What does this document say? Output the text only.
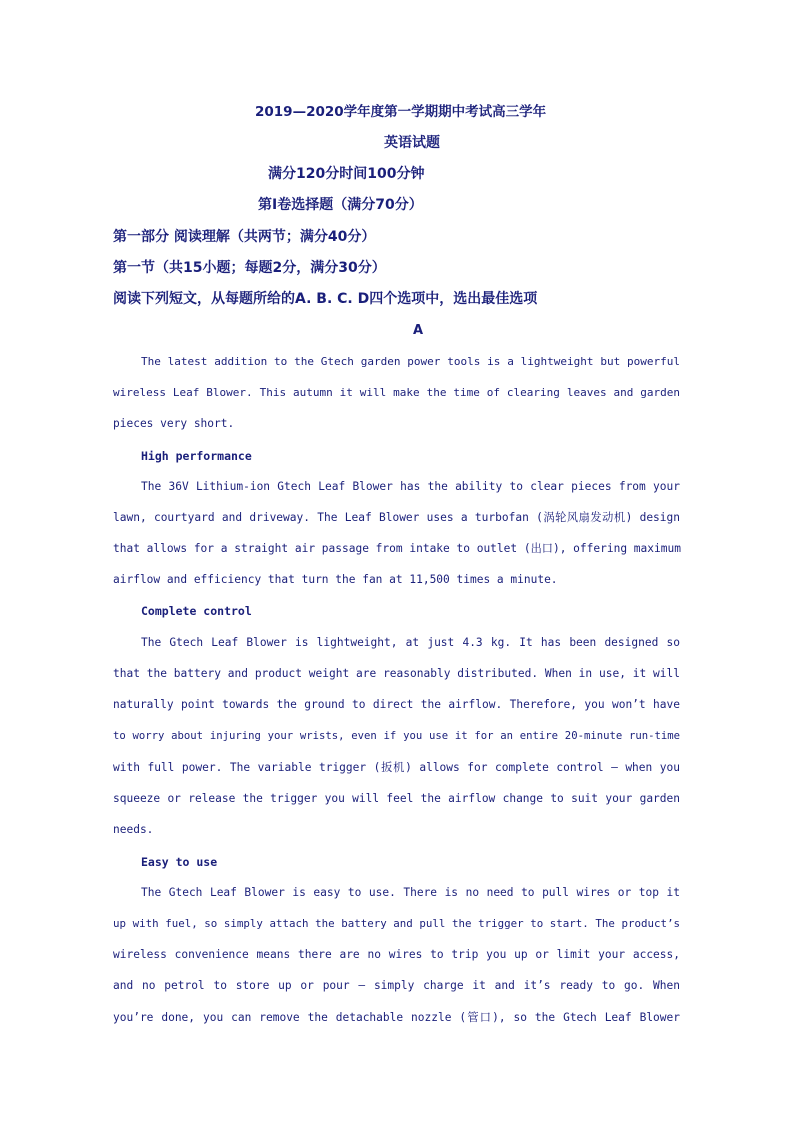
2019—2020学年度第一学期期中考试高三学年
英语试题
满分120分时间100分钟
第Ⅰ卷选择题（满分70分）
第一部分 阅读理解（共两节；满分40分）
第一节（共15小题；每题2分，满分30分）
阅读下列短文，从每题所给的A. B. C. D四个选项中，选出最佳选项
A
The latest addition to the Gtech garden power tools is a lightweight but powerful
wireless Leaf Blower. This autumn it will make the time of clearing leaves and garden
pieces very short.
High performance
The 36V Lithium-ion Gtech Leaf Blower has the ability to clear pieces from your
lawn, courtyard and driveway. The Leaf Blower uses a turbofan (涡轮风扇发动机) design
that allows for a straight air passage from intake to outlet (出口), offering maximum
airflow and efficiency that turn the fan at 11,500 times a minute.
Complete control
The Gtech Leaf Blower is lightweight, at just 4.3 kg. It has been designed so
that the battery and product weight are reasonably distributed. When in use, it will
naturally point towards the ground to direct the airflow. Therefore, you won’t have
to worry about injuring your wrists, even if you use it for an entire 20-minute run-time
with full power. The variable trigger (扳机) allows for complete control – when you
squeeze or release the trigger you will feel the airflow change to suit your garden
needs.
Easy to use
The Gtech Leaf Blower is easy to use. There is no need to pull wires or top it
up with fuel, so simply attach the battery and pull the trigger to start. The product’s
wireless convenience means there are no wires to trip you up or limit your access,
and no petrol to store up or pour – simply charge it and it’s ready to go. When
you’re done, you can remove the detachable nozzle (管口), so the Gtech Leaf Blower
